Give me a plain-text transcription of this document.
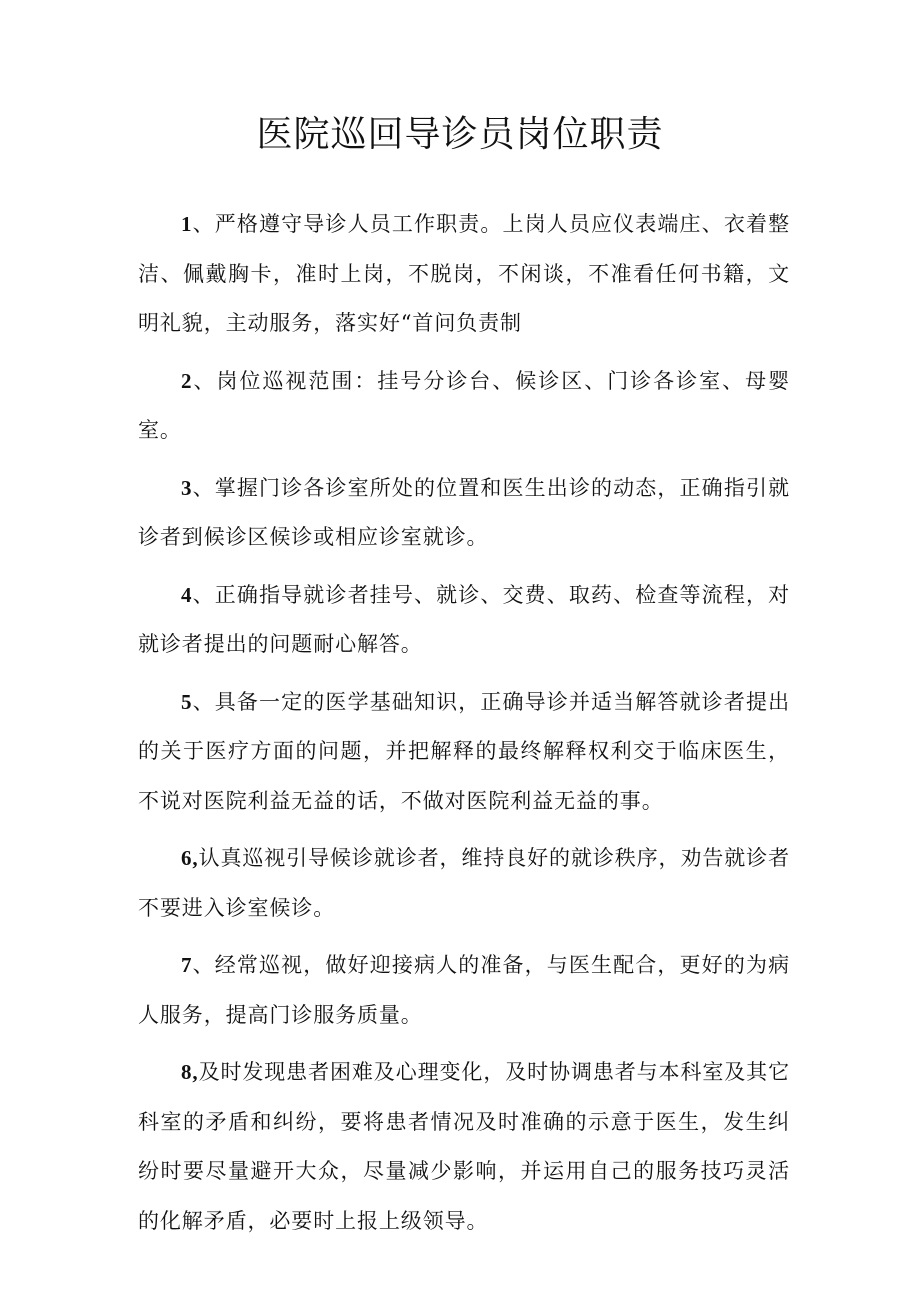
医院巡回导诊员岗位职责

1、严格遵守导诊人员工作职责。上岗人员应仪表端庄、衣着整洁、佩戴胸卡，准时上岗，不脱岗，不闲谈，不准看任何书籍，文明礼貌，主动服务，落实好“首问负责制

2、岗位巡视范围：挂号分诊台、候诊区、门诊各诊室、母婴室。

3、掌握门诊各诊室所处的位置和医生出诊的动态，正确指引就诊者到候诊区候诊或相应诊室就诊。

4、正确指导就诊者挂号、就诊、交费、取药、检查等流程，对就诊者提出的问题耐心解答。

5、具备一定的医学基础知识，正确导诊并适当解答就诊者提出的关于医疗方面的问题，并把解释的最终解释权利交于临床医生，不说对医院利益无益的话，不做对医院利益无益的事。

6,认真巡视引导候诊就诊者，维持良好的就诊秩序，劝告就诊者不要进入诊室候诊。

7、经常巡视，做好迎接病人的准备，与医生配合，更好的为病人服务，提高门诊服务质量。

8,及时发现患者困难及心理变化，及时协调患者与本科室及其它科室的矛盾和纠纷，要将患者情况及时准确的示意于医生，发生纠纷时要尽量避开大众，尽量减少影响，并运用自己的服务技巧灵活的化解矛盾，必要时上报上级领导。
